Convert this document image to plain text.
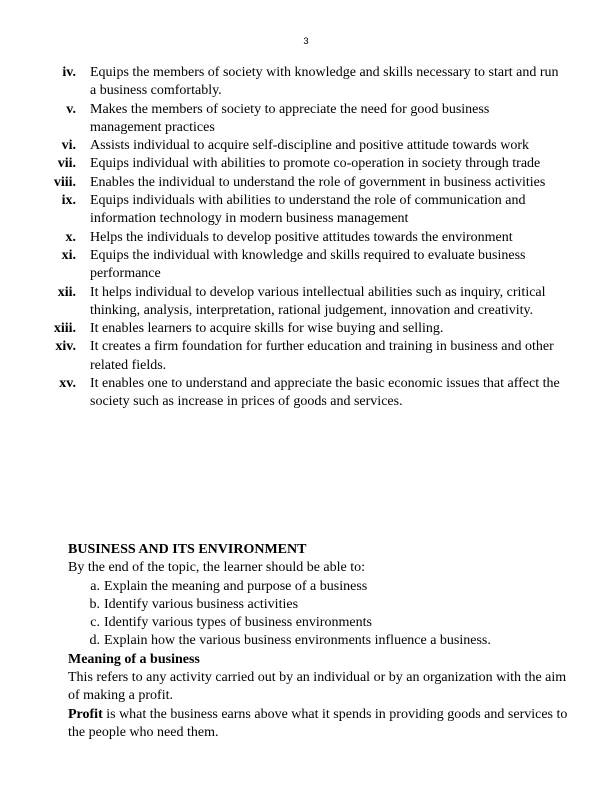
3
iv.	Equips the members of society with knowledge and skills necessary to start and run a business comfortably.
v.	Makes the members of society to appreciate the need for good business management practices
vi.	Assists individual to acquire self-discipline and positive attitude towards work
vii.	Equips individual with abilities to promote co-operation in society through trade
viii.	Enables the individual to understand the role of government in business activities
ix.	Equips individuals with abilities to understand the role of communication and information technology in modern business management
x.	Helps the individuals to develop positive attitudes towards the environment
xi.	Equips the individual with knowledge and skills required to evaluate business performance
xii.	It helps individual to develop various intellectual abilities such as inquiry, critical thinking, analysis, interpretation, rational judgement, innovation and creativity.
xiii.	It enables learners to acquire skills for wise buying and selling.
xiv.	It creates a firm foundation for further education and training in business and other related fields.
xv.	It enables one to understand and appreciate the basic economic issues that affect the society such as increase in prices of goods and services.
BUSINESS AND ITS ENVIRONMENT
By the end of the topic, the learner should be able to:
a. Explain the meaning and purpose of a business
b. Identify various business activities
c. Identify various types of business environments
d. Explain how the various business environments influence a business.
Meaning of a business
This refers to any activity carried out by an individual or by an organization with the aim of making a profit.
Profit is what the business earns above what it spends in providing goods and services to the people who need them.
